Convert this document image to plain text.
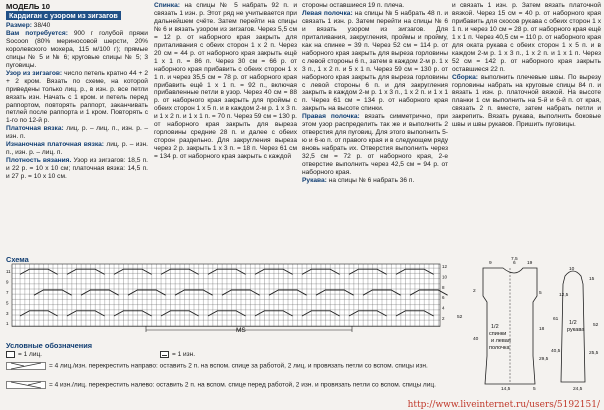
МОДЕЛЬ 10
Кардиган с узором из зигзагов

Размер: 38/40

Вам потребуется: 900 г голубой пряжи Soсоon (80% мериносовой шерсти, 20% королевского мохера, 115 м/100 г); прямые спицы № 5 и № 6; круговые спицы № 5; 3 пуговицы.

Узор из зигзагов: число петель кратно 44 + 2 + 2 кром. Вязать по схеме, на которой приведены только лиц. р., в изн. р. все петли вязать изн. Начать с 1 кром. и петель перед раппортом, повторять раппорт, заканчивать петлей после раппорта и 1 кром. Повторять с 1-го по 12-й р.

Платочная вязка: лиц. р. – лиц. п., изн. р. – изн. п.

Изнаночная платочная вязка: лиц. р. – изн. п., изн. р. – лиц. п.

Плотность вязания. Узор из зигзагов: 18,5 п. и 22 р. = 10 х 10 см; платочная вязка: 14,5 п. и 27 р. = 10 х 10 см.

Спинка: на спицы № 5 набрать 92 п. и связать 1 изн. р. Этот ряд не учитывается при дальнейшем счёте. Затем перейти на спицы № 6 и вязать узором из зигзагов. Через 5,5 см = 12 р. от наборного края закрыть для приталивания с обеих сторон 1 х 2 п. Через 20 см = 44 р. от наборного края закрыть ещё 1 х 1 п. = 86 п. Через 30 см = 66 р. от наборного края прибавить с обеих сторон 1 х 1 п. и через 35,5 см = 78 р. от наборного края прибавить ещё 1 х 1 п. = 92 п., включая прибавленные петли в узор. Через 40 см = 88 р. от наборного края закрыть для проймы с обеих сторон 1 х 5 п. и в каждом 2-м р. 1 х 3 п. и 1 х 2 п. и 1 х 1 п. = 70 п. Через 59 см = 130 р. от наборного края закрыть для выреза горловины средние 28 п. и далее с обеих сторон раздельно. Для закругления выреза через 2 р. закрыть 1 х 3 п. = 18 п. Через 61 см = 134 р. от наборного края закрыть с каждой

стороны оставшиеся 19 п. плеча.

Левая полочка: на спицы № 5 набрать 48 п. и связать 1 изн. р. Затем перейти на спицы № 6 и вязать узором из зигзагов. Для приталивания, закругления, проймы и пройму, как на спинке = 39 п. Через 52 см = 114 р. от наборного края закрыть для выреза горловины с левой стороны 6 п., затем в каждом 2-м р. 1 х 3 п., 1 х 2 п. и 5 х 1 п. Через 59 см = 130 р. от наборного края закрыть для выреза горловины с левой стороны 6 п. и для закругления закрыть в каждом 2-м р. 1 х 3 п., 1 х 2 п. и 1 х 1 п. Через 61 см = 134 р. от наборного края закрыть на высоте спинки.

Правая полочка: вязать симметрично, при этом узор распределить так же и выполнить 2 отверстия для пуговиц. Для этого выполнить 5-ю и 6-ю п. от правого края и в следующем ряду вновь набрать их. Отверстия выполнить через 32,5 см = 72 р. от наборного края, 2-е отверстие выполнить через 42,5 см = 94 р. от наборного края.

Рукава: на спицы № 6 набрать 36 п.

и связать 1 изн. р. Затем вязать платочной вязкой. Через 15 см = 40 р. от наборного края прибавить для скосов рукава с обеих сторон 1 х 1 п. и через 10 см = 28 р. от наборного края ещё 1 х 1 п. Через 40,5 см = 110 р. от наборного края для оката рукава с обеих сторон 1 х 5 п. и в каждом 2-м р. 1 х 3 п., 1 х 2 п. и 1 х 1 п. Через 52 см = 142 р. от наборного края закрыть оставшиеся 22 п.

Сборка: выполнить плечевые швы. По вырезу горловины набрать на круговые спицы 84 п. и вязать 1 изн. р. платочной вязкой. На высоте планки 1 см выполнить на 5-й и 6-й п. от края, связать 2 п. вместе, затем набрать петли и закрепить. Вязать рукава, выполнить боковые швы и швы рукавов. Пришить пуговицы.

Схема
MS
12
10
8
6
4
2
11
9
7
5
3
1
Условные обозначения
= 1 лиц.	= 1 изн.
= 4 лиц./изн. перекрестить направо: оставить 2 п. на вспом. спице за работой, 2 лиц. и провязать петли со вспом. спицы изн.
= 4 изн./лиц. перекрестить налево: оставить 2 п. на вспом. спице перед работой, 2 изн. и провязать петли со вспом. спицы лиц.
1/2
спинки
и левая
полочка
1/2
рукава
9	6 19
52
2
40
5
18
29,5
61
14,5	5
7,5
52
25,5
10
15
40,5
24,5
12,5
http://www.liveinternet.ru/users/5192151/
